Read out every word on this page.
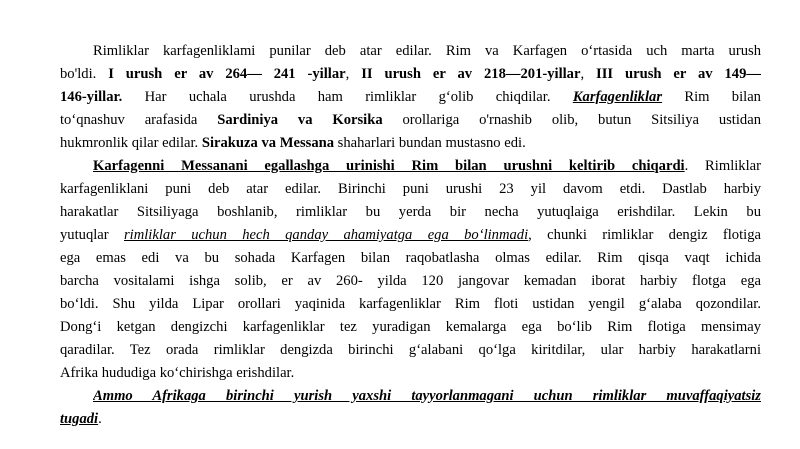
Rimliklar karfagenliklami punilar deb atar edilar. Rim va Karfagen o‘rtasida uch marta urush
bo'ldi. I urush er av 264— 241 -yillar, II urush er av 218—201-yillar, III urush er av 149—
146-yillar. Har uchala urushda ham rimliklar g‘olib chiqdilar. Karfagenliklar Rim bilan
to‘qnashuv arafasida Sardiniya va Korsika orollariga o'rnashib olib, butun Sitsiliya ustidan
hukmronlik qilar edilar. Sirakuza va Messana shaharlari bundan mustasno edi.
Karfagenni Messanani egallashga urinishi Rim bilan urushni keltirib chiqardi. Rimliklar
karfagenliklani puni deb atar edilar. Birinchi puni urushi 23 yil davom etdi. Dastlab harbiy
harakatlar Sitsiliyaga boshlanib, rimliklar bu yerda bir necha yutuqlaiga erishdilar. Lekin bu
yutuqlar rimliklar uchun hech qanday ahamiyatga ega bo‘linmadi, chunki rimliklar dengiz flotiga
ega emas edi va bu sohada Karfagen bilan raqobatlasha olmas edilar. Rim qisqa vaqt ichida
barcha vositalami ishga solib, er av 260- yilda 120 jangovar kemadan iborat harbiy flotga ega
bo‘ldi. Shu yilda Lipar orollari yaqinida karfagenliklar Rim floti ustidan yengil g‘alaba qozondilar.
Dong‘i ketgan dengizchi karfagenliklar tez yuradigan kemalarga ega bo‘lib Rim flotiga mensimay
qaradilar. Tez orada rimliklar dengizda birinchi g‘alabani qo‘lga kiritdilar, ular harbiy harakatlarni
Afrika hududiga ko‘chirishga erishdilar.
Ammo Afrikaga birinchi yurish yaxshi tayyorlanmaganі uchun rimliklar muvaffaqiyatsiz
tugadi.
